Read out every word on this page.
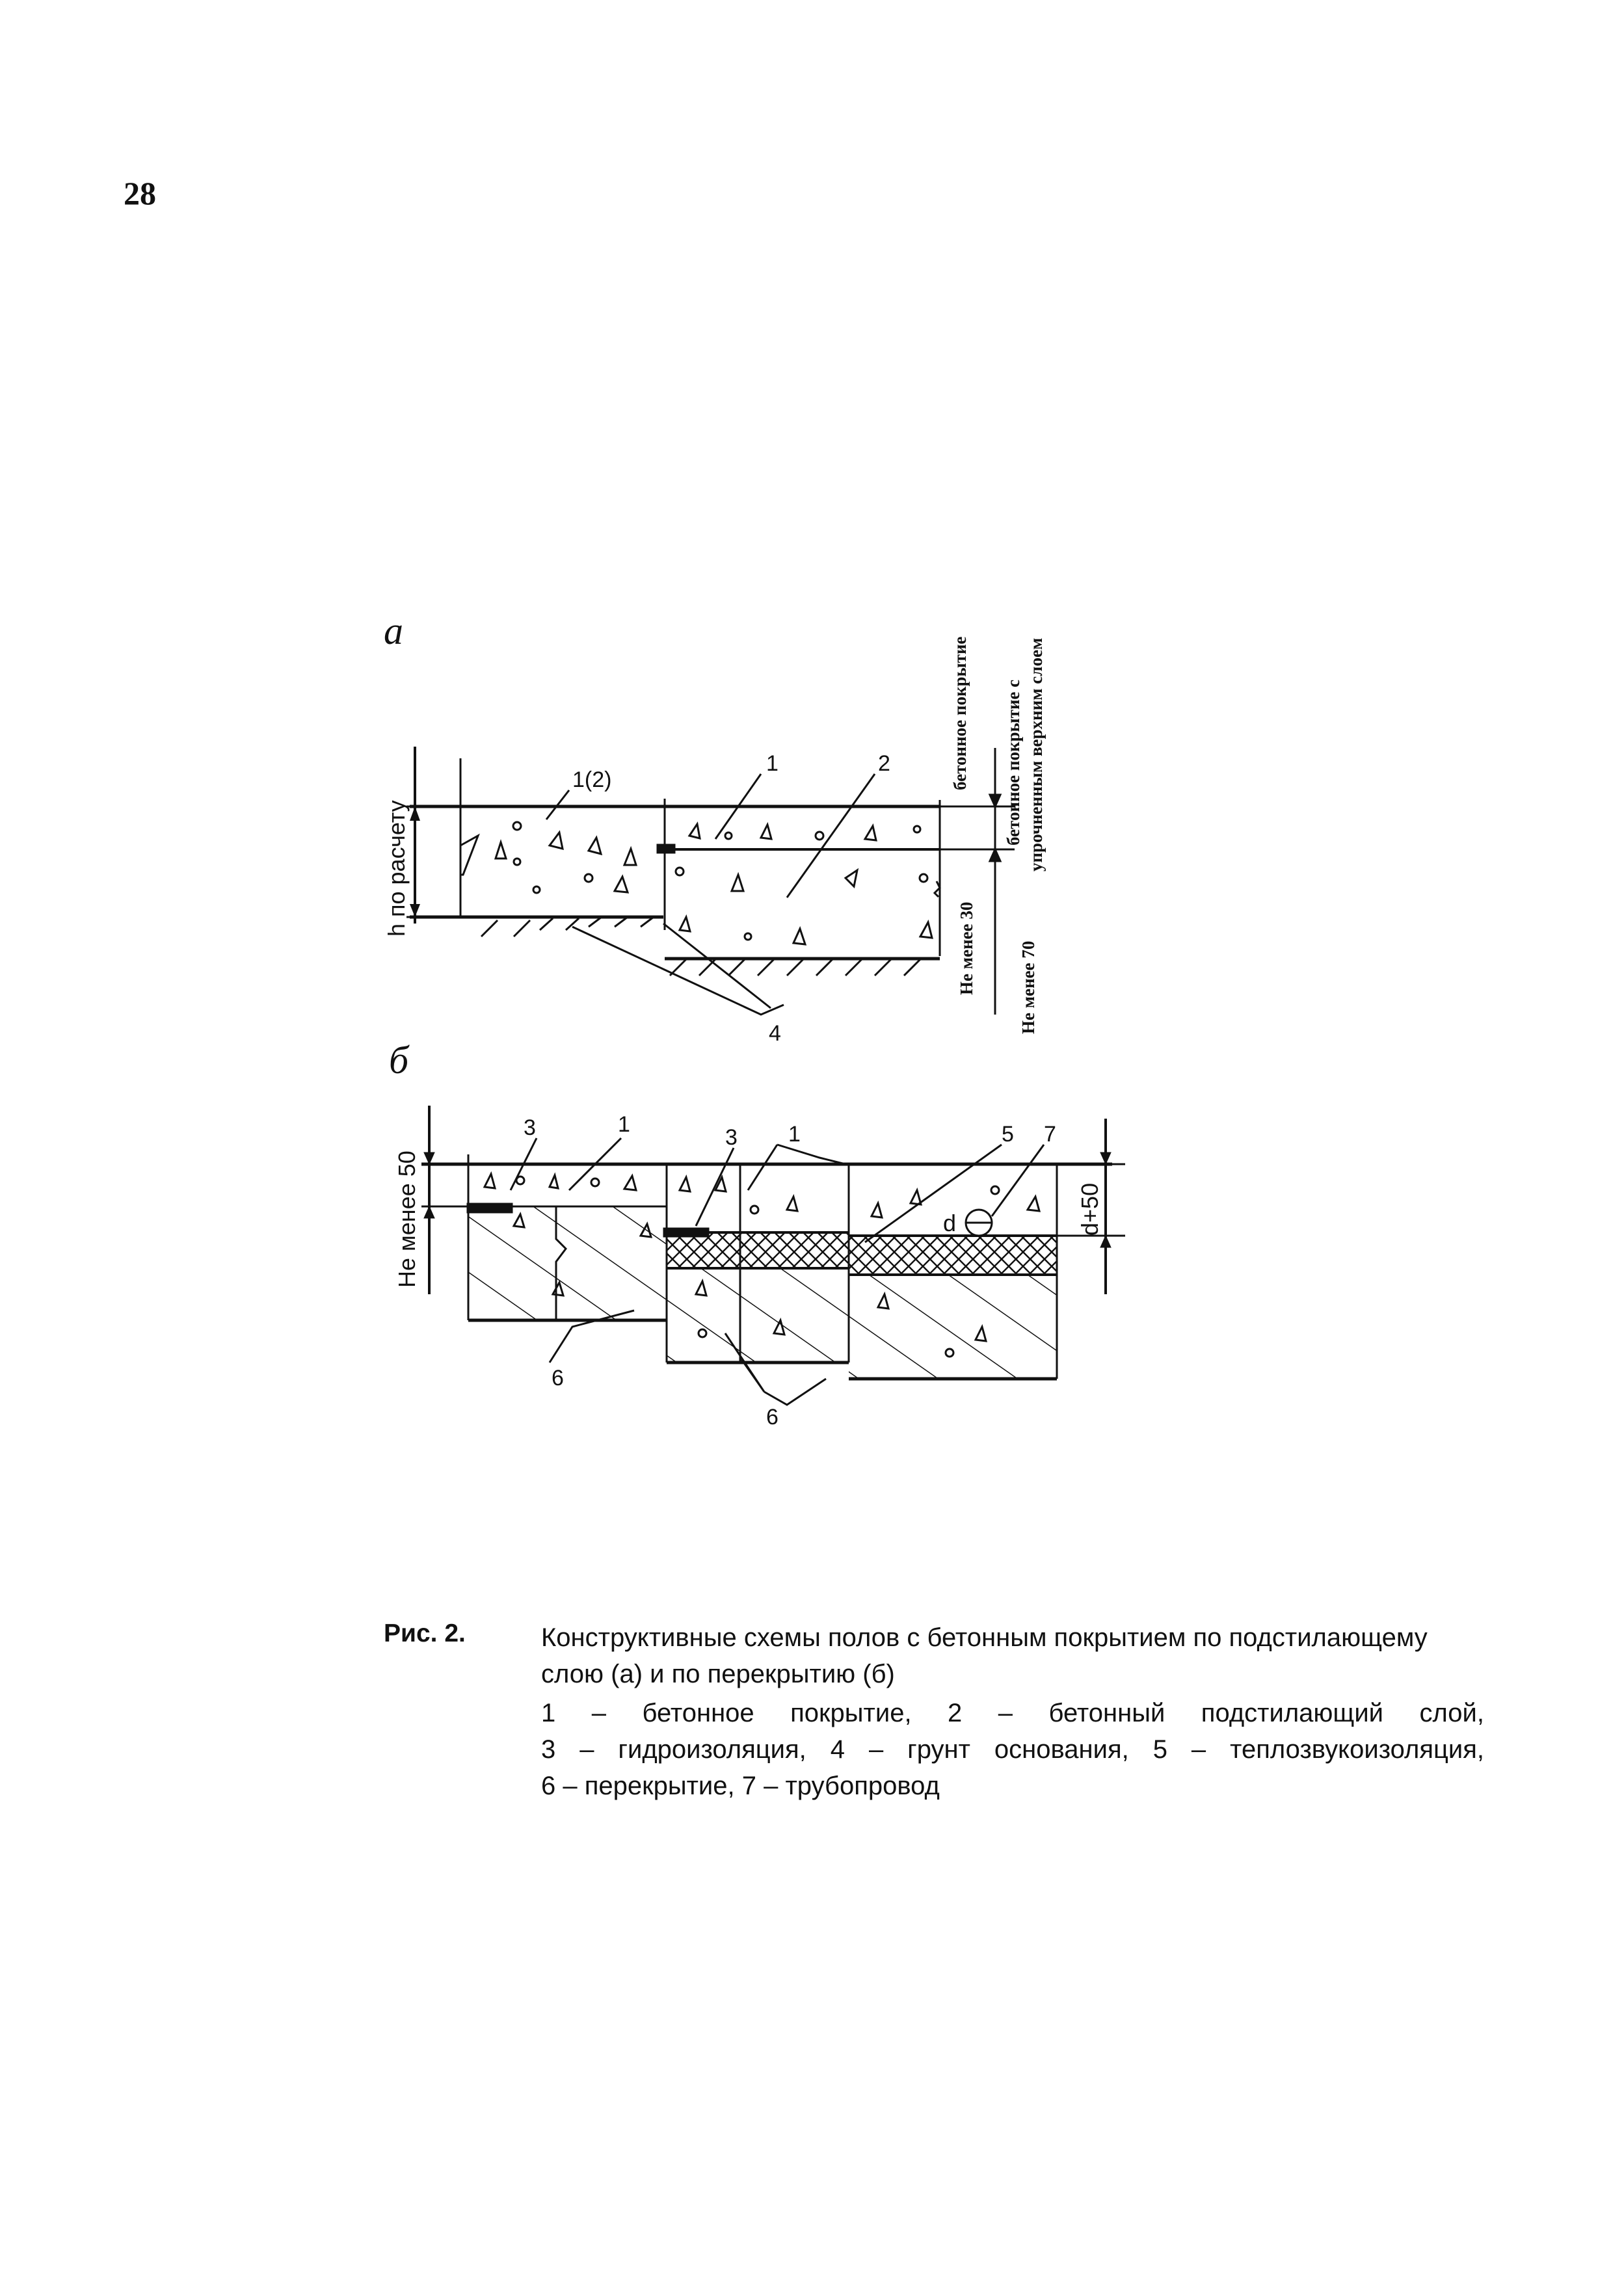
28
а
h по расчету
1(2)
1	2
4
бетонное покрытие бетонное покрытие с упрочненным верхним слоем
Не менее 30 Не менее 70
б
Не менее 50	d	d+50
3	1
3 1	5 7
6
6
Рис. 2.	Конструктивные схемы полов с бетонным покрытием по подстилающему слою (а) и по перекрытию (б)
1 – бетонное покрытие, 2 – бетонный подстилающий слой,
3 – гидроизоляция, 4 – грунт основания, 5 – теплозвукоизоляция,
6 – перекрытие, 7 – трубопровод
